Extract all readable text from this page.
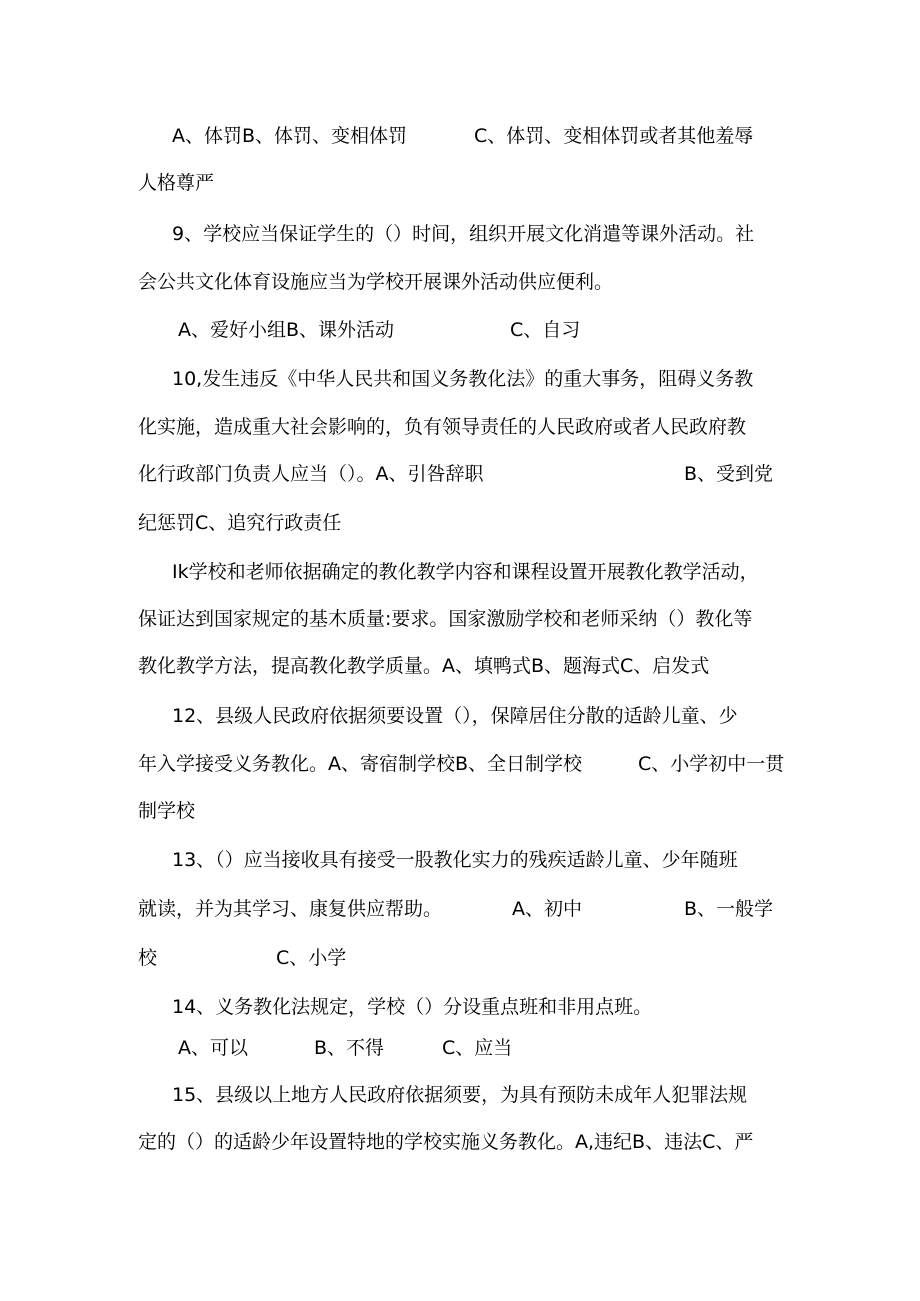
A、体罚B、体罚、变相体罚	C、体罚、变相体罚或者其他羞辱
人格尊严
9、学校应当保证学生的（）时间，组织开展文化消遣等课外活动。社
会公共文化体育设施应当为学校开展课外活动供应便利。
A、爱好小组B、课外活动	C、自习
10,发生违反《中华人民共和国义务教化法》的重大事务，阻碍义务教
化实施，造成重大社会影响的，负有领导责任的人民政府或者人民政府教
化行政部门负责人应当（）。A、引咎辞职	B、受到党
纪惩罚C、追究行政责任
Ik学校和老师依据确定的教化教学内容和课程设置开展教化教学活动，
保证达到国家规定的基木质量:要求。国家激励学校和老师采纳（）教化等
教化教学方法，提高教化教学质量。A、填鸭式B、题海式C、启发式
12、县级人民政府依据须要设置（），保障居住分散的适龄儿童、少
年入学接受义务教化。A、寄宿制学校B、全日制学校	C、小学初中一贯
制学校
13、（）应当接收具有接受一股教化实力的残疾适龄儿童、少年随班
就读，并为其学习、康复供应帮助。	A、初中	B、一般学
校	C、小学
14、义务教化法规定，学校（）分设重点班和非用点班。
A、可以	B、不得	C、应当
15、县级以上地方人民政府依据须要，为具有预防未成年人犯罪法规
定的（）的适龄少年设置特地的学校实施义务教化。A,违纪B、违法C、严
